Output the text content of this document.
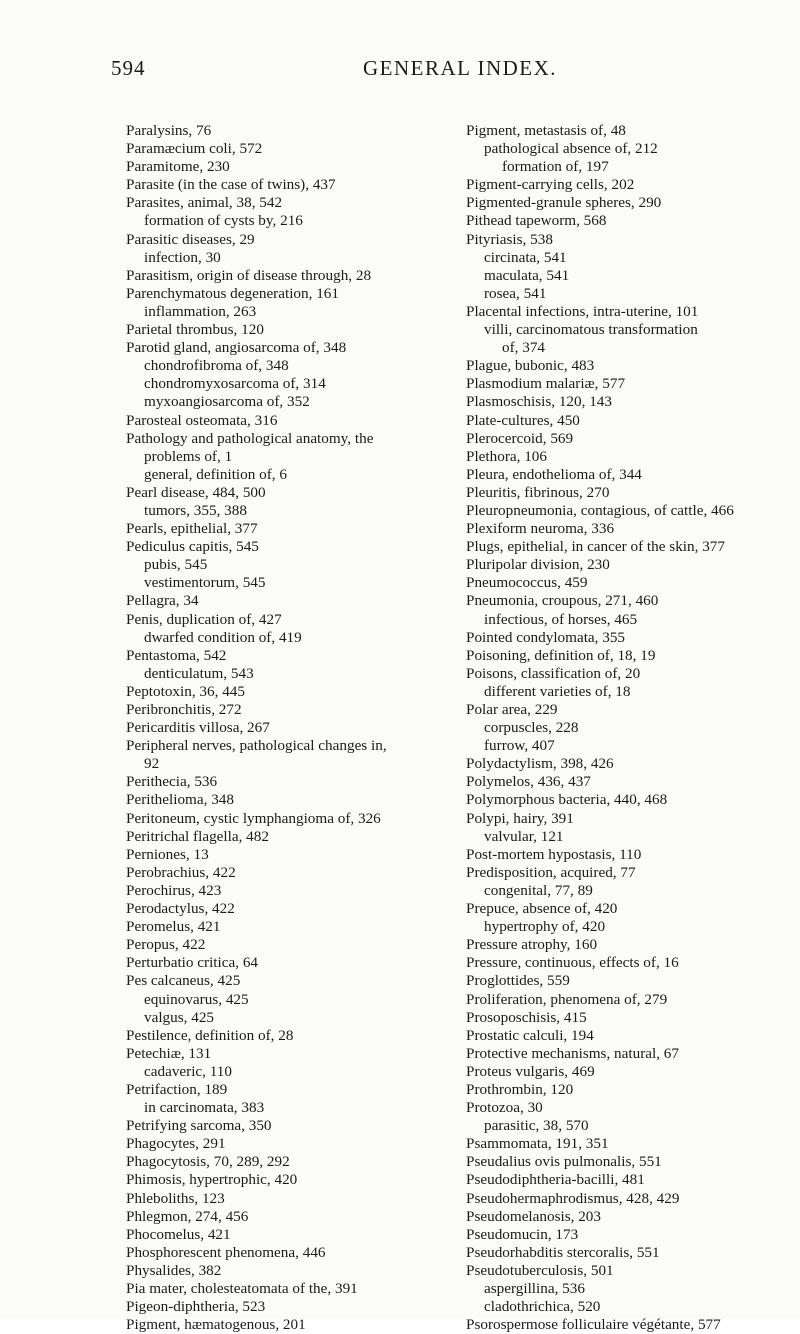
594	GENERAL INDEX.
Paralysins, 76
Paramæcium coli, 572
Paramitome, 230
Parasite (in the case of twins), 437
Parasites, animal, 38, 542
formation of cysts by, 216
Parasitic diseases, 29
infection, 30
Parasitism, origin of disease through, 28
Parenchymatous degeneration, 161
inflammation, 263
Parietal thrombus, 120
Parotid gland, angiosarcoma of, 348
chondrofibroma of, 348
chondromyxosarcoma of, 314
myxoangiosarcoma of, 352
Parosteal osteomata, 316
Pathology and pathological anatomy, the
problems of, 1
general, definition of, 6
Pearl disease, 484, 500
tumors, 355, 388
Pearls, epithelial, 377
Pediculus capitis, 545
pubis, 545
vestimentorum, 545
Pellagra, 34
Penis, duplication of, 427
dwarfed condition of, 419
Pentastoma, 542
denticulatum, 543
Peptotoxin, 36, 445
Peribronchitis, 272
Pericarditis villosa, 267
Peripheral nerves, pathological changes in,
92
Perithecia, 536
Perithelioma, 348
Peritoneum, cystic lymphangioma of, 326
Peritrichal flagella, 482
Perniones, 13
Perobrachius, 422
Perochirus, 423
Perodactylus, 422
Peromelus, 421
Peropus, 422
Perturbatio critica, 64
Pes calcaneus, 425
equinovarus, 425
valgus, 425
Pestilence, definition of, 28
Petechiæ, 131
cadaveric, 110
Petrifaction, 189
in carcinomata, 383
Petrifying sarcoma, 350
Phagocytes, 291
Phagocytosis, 70, 289, 292
Phimosis, hypertrophic, 420
Phleboliths, 123
Phlegmon, 274, 456
Phocomelus, 421
Phosphorescent phenomena, 446
Physalides, 382
Pia mater, cholesteatomata of the, 391
Pigeon-diphtheria, 523
Pigment, hæmatogenous, 201
Pigment, metastasis of, 48
pathological absence of, 212
formation of, 197
Pigment-carrying cells, 202
Pigmented-granule spheres, 290
Pithead tapeworm, 568
Pityriasis, 538
circinata, 541
maculata, 541
rosea, 541
Placental infections, intra-uterine, 101
villi, carcinomatous transformation
of, 374
Plague, bubonic, 483
Plasmodium malariæ, 577
Plasmoschisis, 120, 143
Plate-cultures, 450
Plerocercoid, 569
Plethora, 106
Pleura, endothelioma of, 344
Pleuritis, fibrinous, 270
Pleuropneumonia, contagious, of cattle, 466
Plexiform neuroma, 336
Plugs, epithelial, in cancer of the skin, 377
Pluripolar division, 230
Pneumococcus, 459
Pneumonia, croupous, 271, 460
infectious, of horses, 465
Pointed condylomata, 355
Poisoning, definition of, 18, 19
Poisons, classification of, 20
different varieties of, 18
Polar area, 229
corpuscles, 228
furrow, 407
Polydactylism, 398, 426
Polymelos, 436, 437
Polymorphous bacteria, 440, 468
Polypi, hairy, 391
valvular, 121
Post-mortem hypostasis, 110
Predisposition, acquired, 77
congenital, 77, 89
Prepuce, absence of, 420
hypertrophy of, 420
Pressure atrophy, 160
Pressure, continuous, effects of, 16
Proglottides, 559
Proliferation, phenomena of, 279
Prosoposchisis, 415
Prostatic calculi, 194
Protective mechanisms, natural, 67
Proteus vulgaris, 469
Prothrombin, 120
Protozoa, 30
parasitic, 38, 570
Psammomata, 191, 351
Pseudalius ovis pulmonalis, 551
Pseudodiphtheria-bacilli, 481
Pseudohermaphrodismus, 428, 429
Pseudomelanosis, 203
Pseudomucin, 173
Pseudorhabditis stercoralis, 551
Pseudotuberculosis, 501
aspergillina, 536
cladothrichica, 520
Psorospermose folliculaire végétante, 577
